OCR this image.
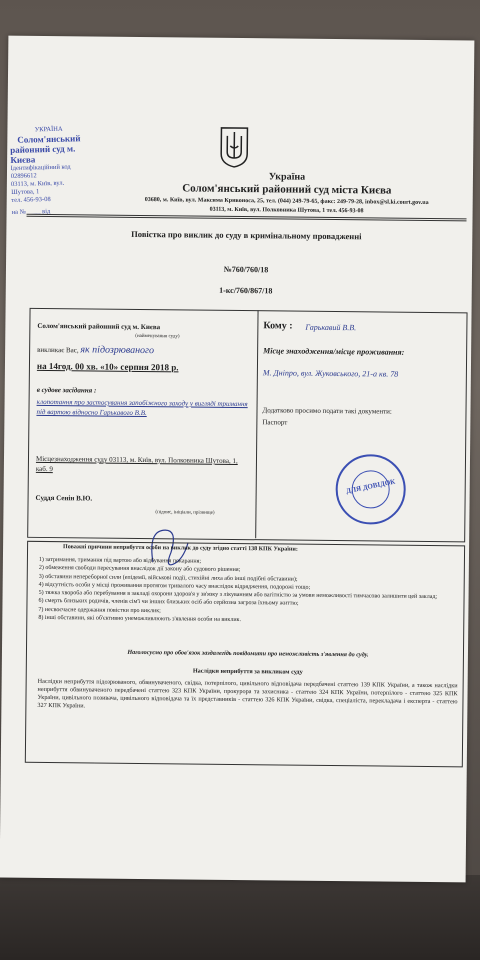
УКРАЇНА
Солом'янський
районний суд м. Києва
Ідентифікаційний код 02896612
03113, м. Київ, вул. Шутова, 1
тел. 456-93-08
на № ____ від
Україна
Солом'янський районний суд міста Києва
03680, м. Київ, вул. Максима Кривоноса, 25, тел. (044) 249-79-65, факс: 249-79-28, inbox@sl.ki.court.gov.ua
03113, м. Київ, вул. Полковника Шутова, 1 тел. 456-93-08
Повістка про виклик до суду в кримінальному провадженні
№760/760/18
1-кс/760/867/18
Солом'янський районний суд м. Києва
(найменування суду)
викликає Вас, як підозрюваного
на 14год. 00 хв. «10» серпня 2018 р.
в судове засідання :
клопотання про застосування запобіжного заходу у вигляді тримання під вартою відносно Гарькавого В.В.
Місцезнаходження суду 03113, м. Київ, вул. Полковника Шутова, 1, каб. 9
Суддя Сенін В.Ю.
(підпис, ініціали, прізвище)
Кому : Гарькавий В.В.
Місце знаходження/місце проживання:
М. Дніпро, вул. Жуковського, 21-а кв. 78
Додатково просимо подати такі документи:
Паспорт
ДЛЯ ДОВІДОК
Поважні причини неприбуття особи на виклик до суду згідно статті 138 КПК України:
1) затримання, тримання під вартою або відбування покарання;
2) обмеження свободи пересування внаслідок дії закону або судового рішення;
3) обставини непереборної сили (епідемії, військові події, стихійні лиха або інші подібні обставини);
4) відсутність особи у місці проживання протягом тривалого часу внаслідок відрядження, подорожі тощо;
5) тяжка хвороба або перебування в закладі охорони здоров'я у зв'язку з лікуванням або вагітністю за умови неможливості тимчасово залишити цей заклад;
6) смерть близьких родичів, членів сім'ї чи інших близьких осіб або серйозна загроза їхньому життю;
7) несвоєчасне одержання повістки про виклик;
8) інші обставини, які об'єктивно унеможливлюють з'явлення особи на виклик.
Наголосуємо про обов'язок заздалегідь повідомити про неможливість з'явлення до суду.
Наслідки неприбуття за викликом суду
Наслідки неприбуття підозрюваного, обвинуваченого, свідка, потерпілого, цивільного відповідача передбачені статтею 139 КПК України, а також наслідки неприбуття обвинуваченого передбачені статтею 323 КПК України, прокурора та захисника - статтею 324 КПК України, потерпілого - статтею 325 КПК України, цивільного позивача, цивільного відповідача та їх представників - статтею 326 КПК України, свідка, спеціаліста, перекладача і експерта - статтею 327 КПК України.
